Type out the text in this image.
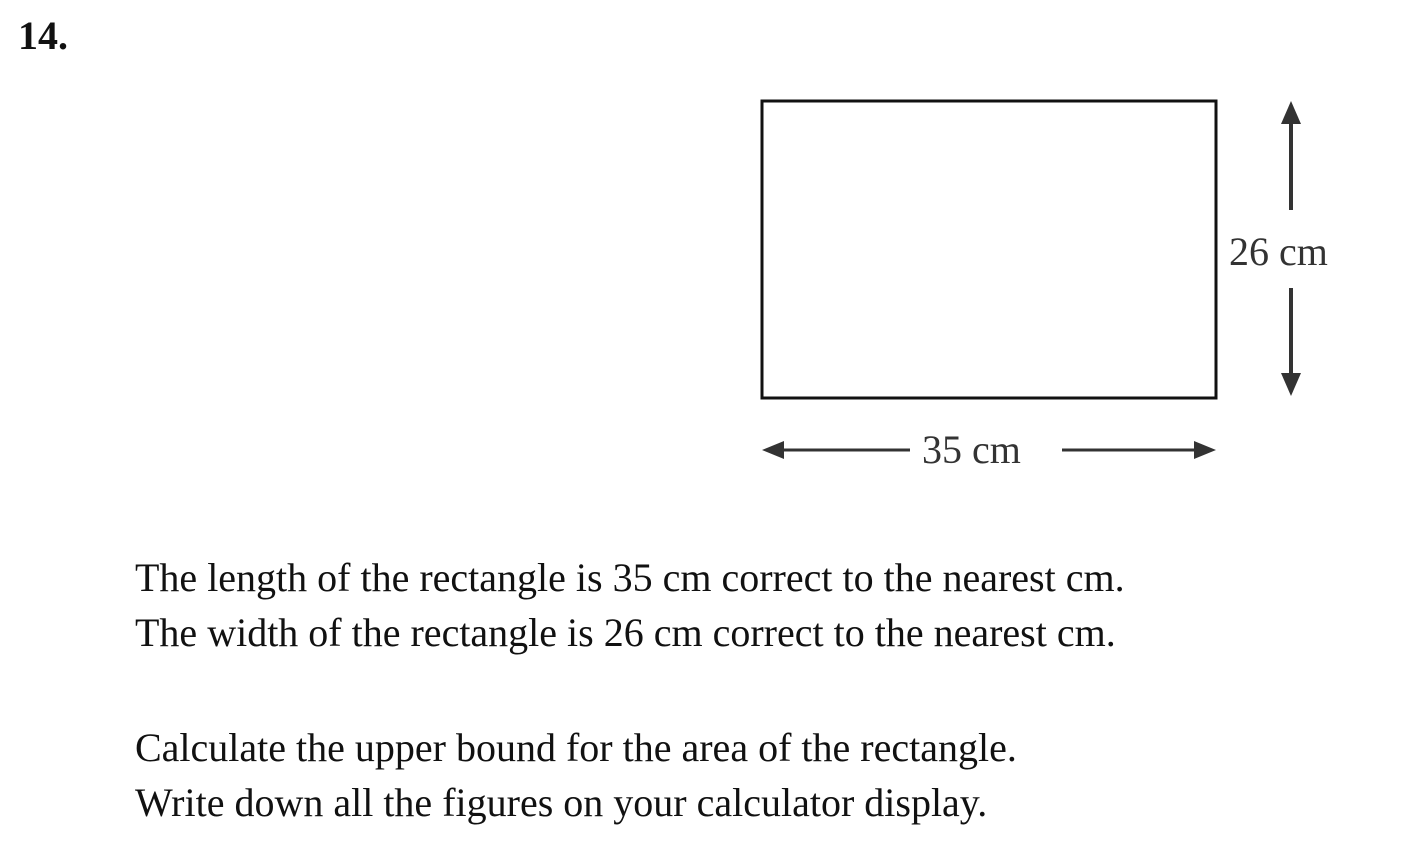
14.
26 cm
35 cm
The length of the rectangle is 35 cm correct to the nearest cm.
The width of the rectangle is 26 cm correct to the nearest cm.
Calculate the upper bound for the area of the rectangle.
Write down all the figures on your calculator display.
